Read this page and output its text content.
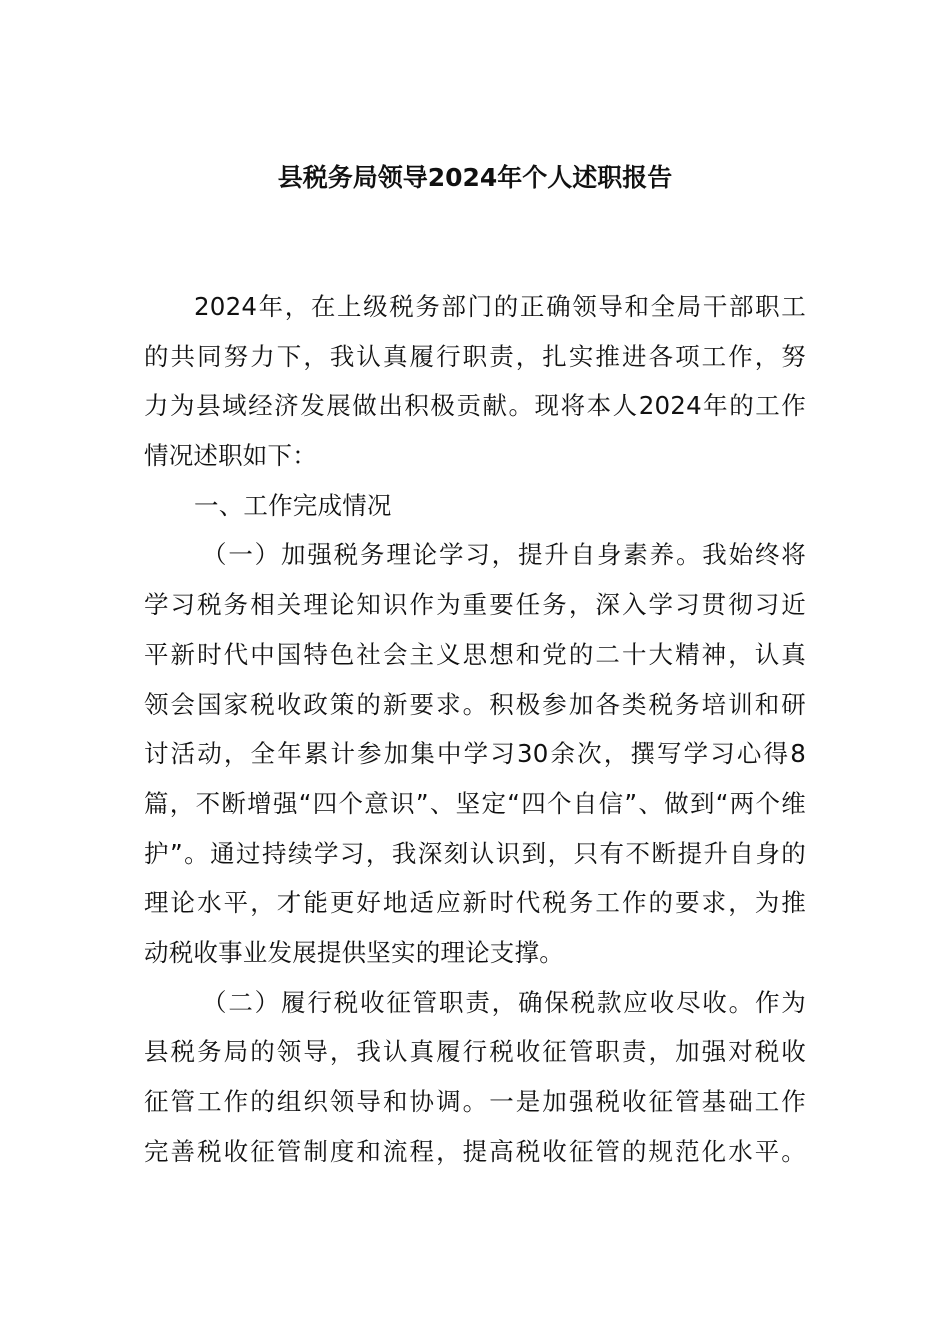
县税务局领导2024年个人述职报告
2024年，在上级税务部门的正确领导和全局干部职工
的共同努力下，我认真履行职责，扎实推进各项工作，努
力为县域经济发展做出积极贡献。现将本人2024年的工作
情况述职如下：
一、工作完成情况
（一）加强税务理论学习，提升自身素养。我始终将
学习税务相关理论知识作为重要任务，深入学习贯彻习近
平新时代中国特色社会主义思想和党的二十大精神，认真
领会国家税收政策的新要求。积极参加各类税务培训和研
讨活动，全年累计参加集中学习30余次，撰写学习心得8
篇，不断增强“四个意识”、坚定“四个自信”、做到“两个维
护”。通过持续学习，我深刻认识到，只有不断提升自身的
理论水平，才能更好地适应新时代税务工作的要求，为推
动税收事业发展提供坚实的理论支撑。
（二）履行税收征管职责，确保税款应收尽收。作为
县税务局的领导，我认真履行税收征管职责，加强对税收
征管工作的组织领导和协调。一是加强税收征管基础工作
完善税收征管制度和流程，提高税收征管的规范化水平。
